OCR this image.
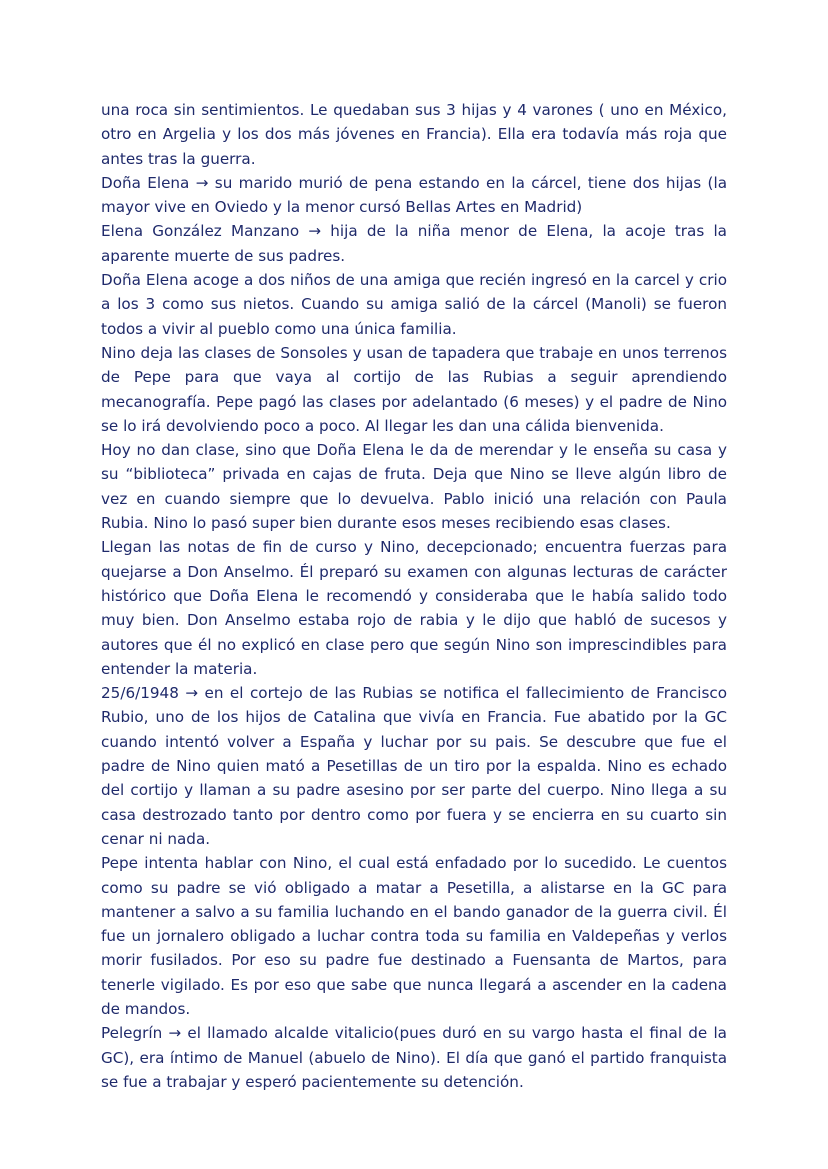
una roca sin sentimientos. Le quedaban sus 3 hijas y 4 varones ( uno en México, otro en Argelia y los dos más jóvenes en Francia). Ella era todavía más roja que antes tras la guerra.

Doña Elena → su marido murió de pena estando en la cárcel, tiene dos hijas (la mayor vive en Oviedo y la menor cursó Bellas Artes en Madrid)

Elena González Manzano → hija de la niña menor de Elena, la acoje tras la aparente muerte de sus padres.

Doña Elena acoge a dos niños de una amiga que recién ingresó en la carcel y crio a los 3 como sus nietos. Cuando su amiga salió de la cárcel (Manoli) se fueron todos a vivir al pueblo como una única familia.

Nino deja las clases de Sonsoles y usan de tapadera que trabaje en unos terrenos de Pepe para que vaya al cortijo de las Rubias a seguir aprendiendo mecanografía. Pepe pagó las clases por adelantado (6 meses) y el padre de Nino se lo irá devolviendo poco a poco. Al llegar les dan una cálida bienvenida.

Hoy no dan clase, sino que Doña Elena le da de merendar y le enseña su casa y su “biblioteca” privada en cajas de fruta. Deja que Nino se lleve algún libro de vez en cuando siempre que lo devuelva. Pablo inició una relación con Paula Rubia. Nino lo pasó super bien durante esos meses recibiendo esas clases.

Llegan las notas de fin de curso y Nino, decepcionado; encuentra fuerzas para quejarse a Don Anselmo. Él preparó su examen con algunas lecturas de carácter histórico que Doña Elena le recomendó y consideraba que le había salido todo muy bien. Don Anselmo estaba rojo de rabia y le dijo que habló de sucesos y autores que él no explicó en clase pero que según Nino son imprescindibles para entender la materia.

25/6/1948 → en el cortejo de las Rubias se notifica el fallecimiento de Francisco Rubio, uno de los hijos de Catalina que vivía en Francia. Fue abatido por la GC cuando intentó volver a España y luchar por su pais. Se descubre que fue el padre de Nino quien mató a Pesetillas de un tiro por la espalda. Nino es echado del cortijo y llaman a su padre asesino por ser parte del cuerpo. Nino llega a su casa destrozado tanto por dentro como por fuera y se encierra en su cuarto sin cenar ni nada.

Pepe intenta hablar con Nino, el cual está enfadado por lo sucedido. Le cuentos como su padre se vió obligado a matar a Pesetilla, a alistarse en la GC para mantener a salvo a su familia luchando en el bando ganador de la guerra civil. Él fue un jornalero obligado a luchar contra toda su familia en Valdepeñas y verlos morir fusilados. Por eso su padre fue destinado a Fuensanta de Martos, para tenerle vigilado. Es por eso que sabe que nunca llegará a ascender en la cadena de mandos.

Pelegrín → el llamado alcalde vitalicio(pues duró en su vargo hasta el final de la GC), era íntimo de Manuel (abuelo de Nino). El día que ganó el partido franquista se fue a trabajar y esperó pacientemente su detención.
